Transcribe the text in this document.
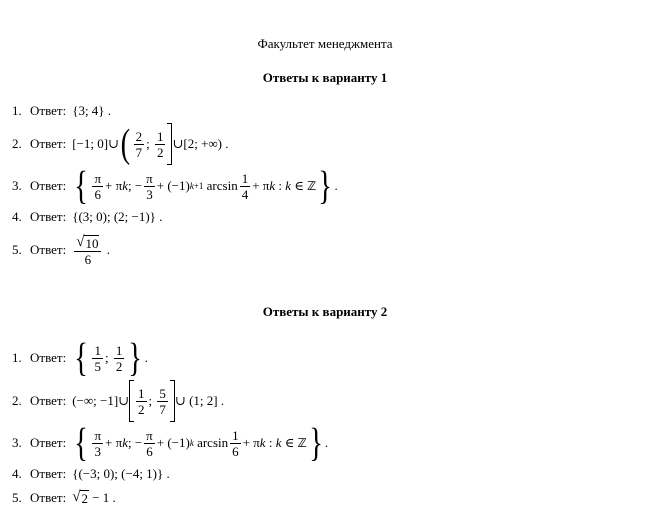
Факультет менеджмента
Ответы к варианту 1
1. Ответ: {3; 4} .
2. Ответ: [−1; 0]∪ ( $\frac{2}{7}$ ; $\frac{1}{2}$ ∪[2; +∞) .
3. Ответ: { $\frac{\pi}{6} + \pi$ k ; − $\frac{\pi}{3} + (-1)$ k+1 $\arcsin \frac{1}{4} + \pi$ k : k ∈ ℤ } .
4. Ответ: {(3; 0); (2; −1)} .
5. Ответ: $\frac{√ 10}{6}$ .
Ответы к варианту 2
1. Ответ: { $\frac{1}{5}$ ; $\frac{1}{2}$ } .
2. Ответ: (−∞; −1]∪ $\frac{1}{2}$ ; $\frac{5}{7}$ ∪ (1; 2] .
3. Ответ: { $\frac{\pi}{3} + \pi$ k ; − $\frac{\pi}{6} + (-1)$ k $\arcsin \frac{1}{6} + \pi$ k : k ∈ ℤ } .
4. Ответ: {(−3; 0); (−4; 1)} .
5. Ответ: √ 2 − 1 .
